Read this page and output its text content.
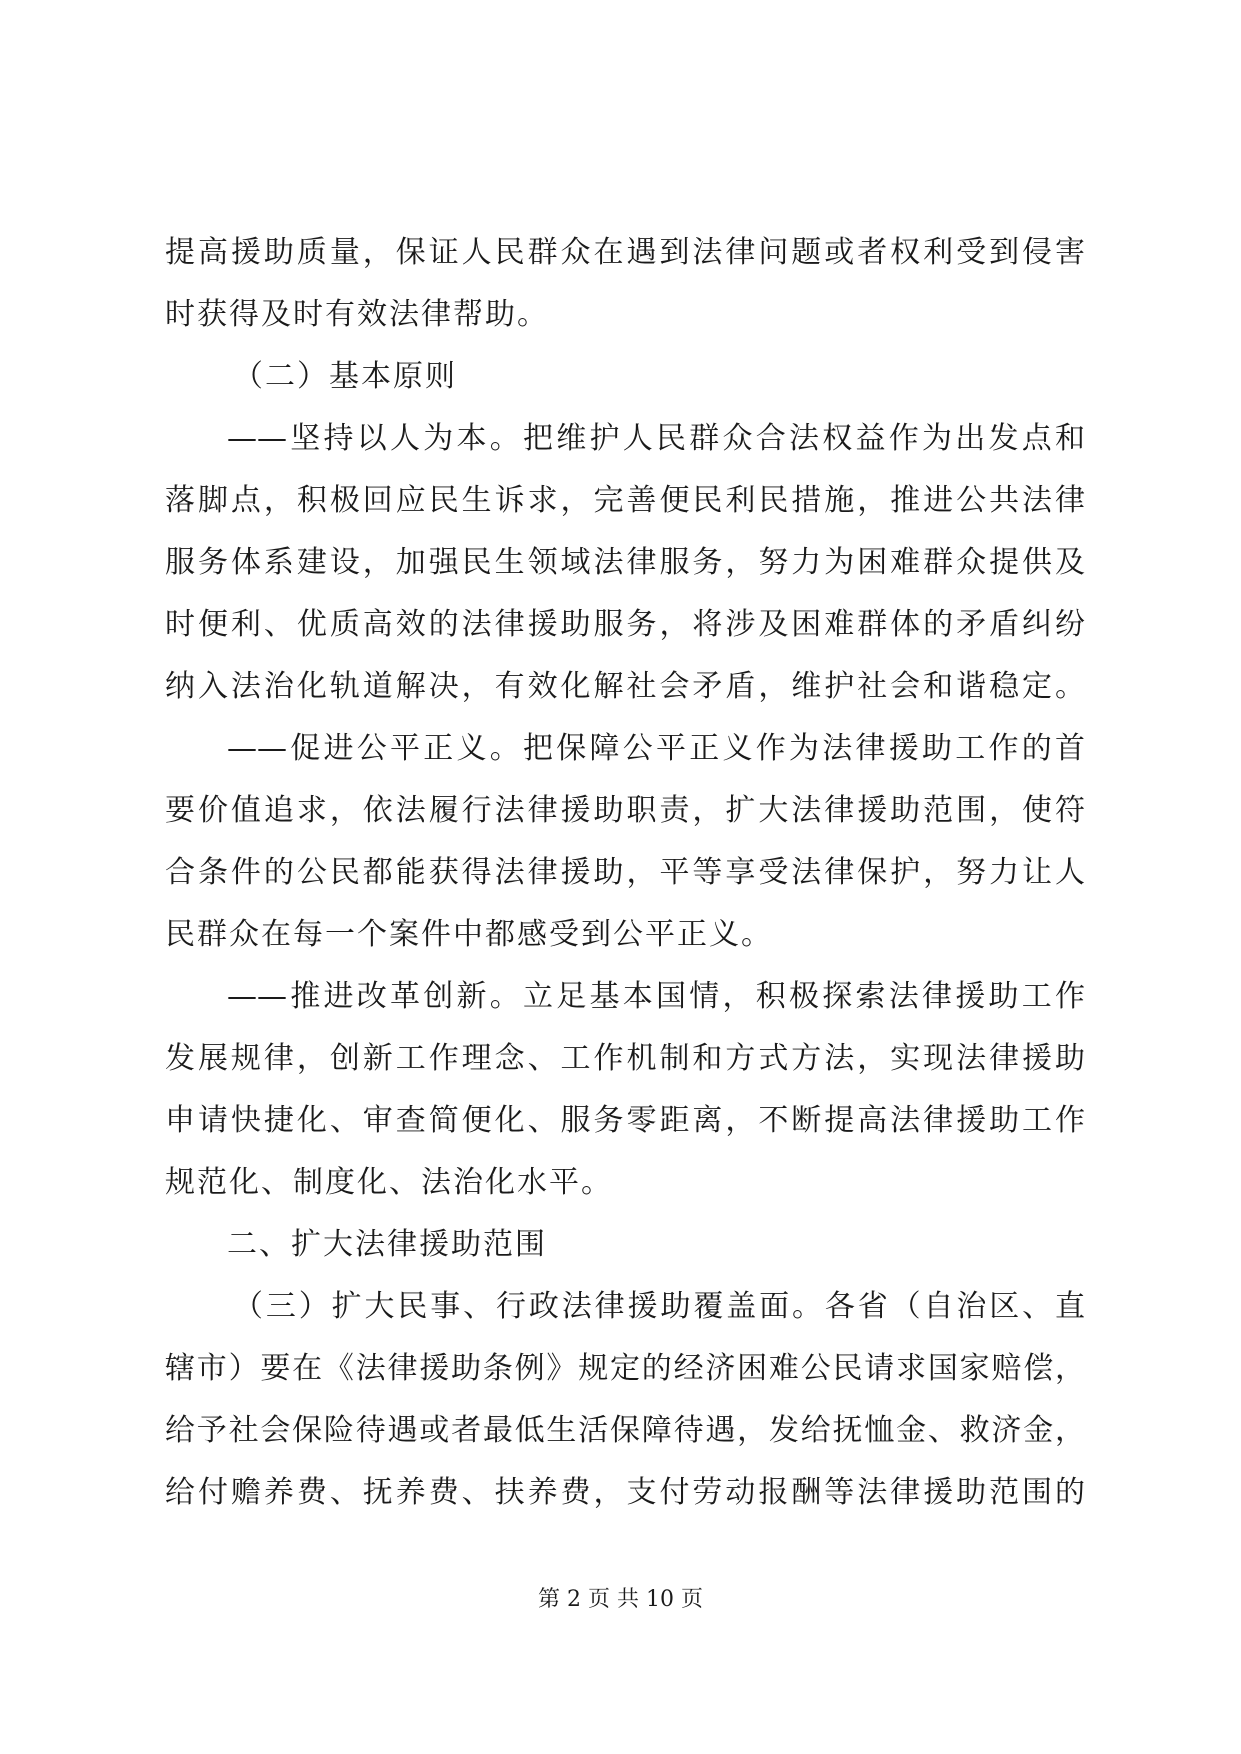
提高援助质量，保证人民群众在遇到法律问题或者权利受到侵害
时获得及时有效法律帮助。
（二）基本原则
——坚持以人为本。把维护人民群众合法权益作为出发点和
落脚点，积极回应民生诉求，完善便民利民措施，推进公共法律
服务体系建设，加强民生领域法律服务，努力为困难群众提供及
时便利、优质高效的法律援助服务，将涉及困难群体的矛盾纠纷
纳入法治化轨道解决，有效化解社会矛盾，维护社会和谐稳定。
——促进公平正义。把保障公平正义作为法律援助工作的首
要价值追求，依法履行法律援助职责，扩大法律援助范围，使符
合条件的公民都能获得法律援助，平等享受法律保护，努力让人
民群众在每一个案件中都感受到公平正义。
——推进改革创新。立足基本国情，积极探索法律援助工作
发展规律，创新工作理念、工作机制和方式方法，实现法律援助
申请快捷化、审查简便化、服务零距离，不断提高法律援助工作
规范化、制度化、法治化水平。
二、扩大法律援助范围
（三）扩大民事、行政法律援助覆盖面。各省（自治区、直
辖市）要在《法律援助条例》规定的经济困难公民请求国家赔偿，
给予社会保险待遇或者最低生活保障待遇，发给抚恤金、救济金，
给付赡养费、抚养费、扶养费，支付劳动报酬等法律援助范围的
第 2 页 共 10 页
